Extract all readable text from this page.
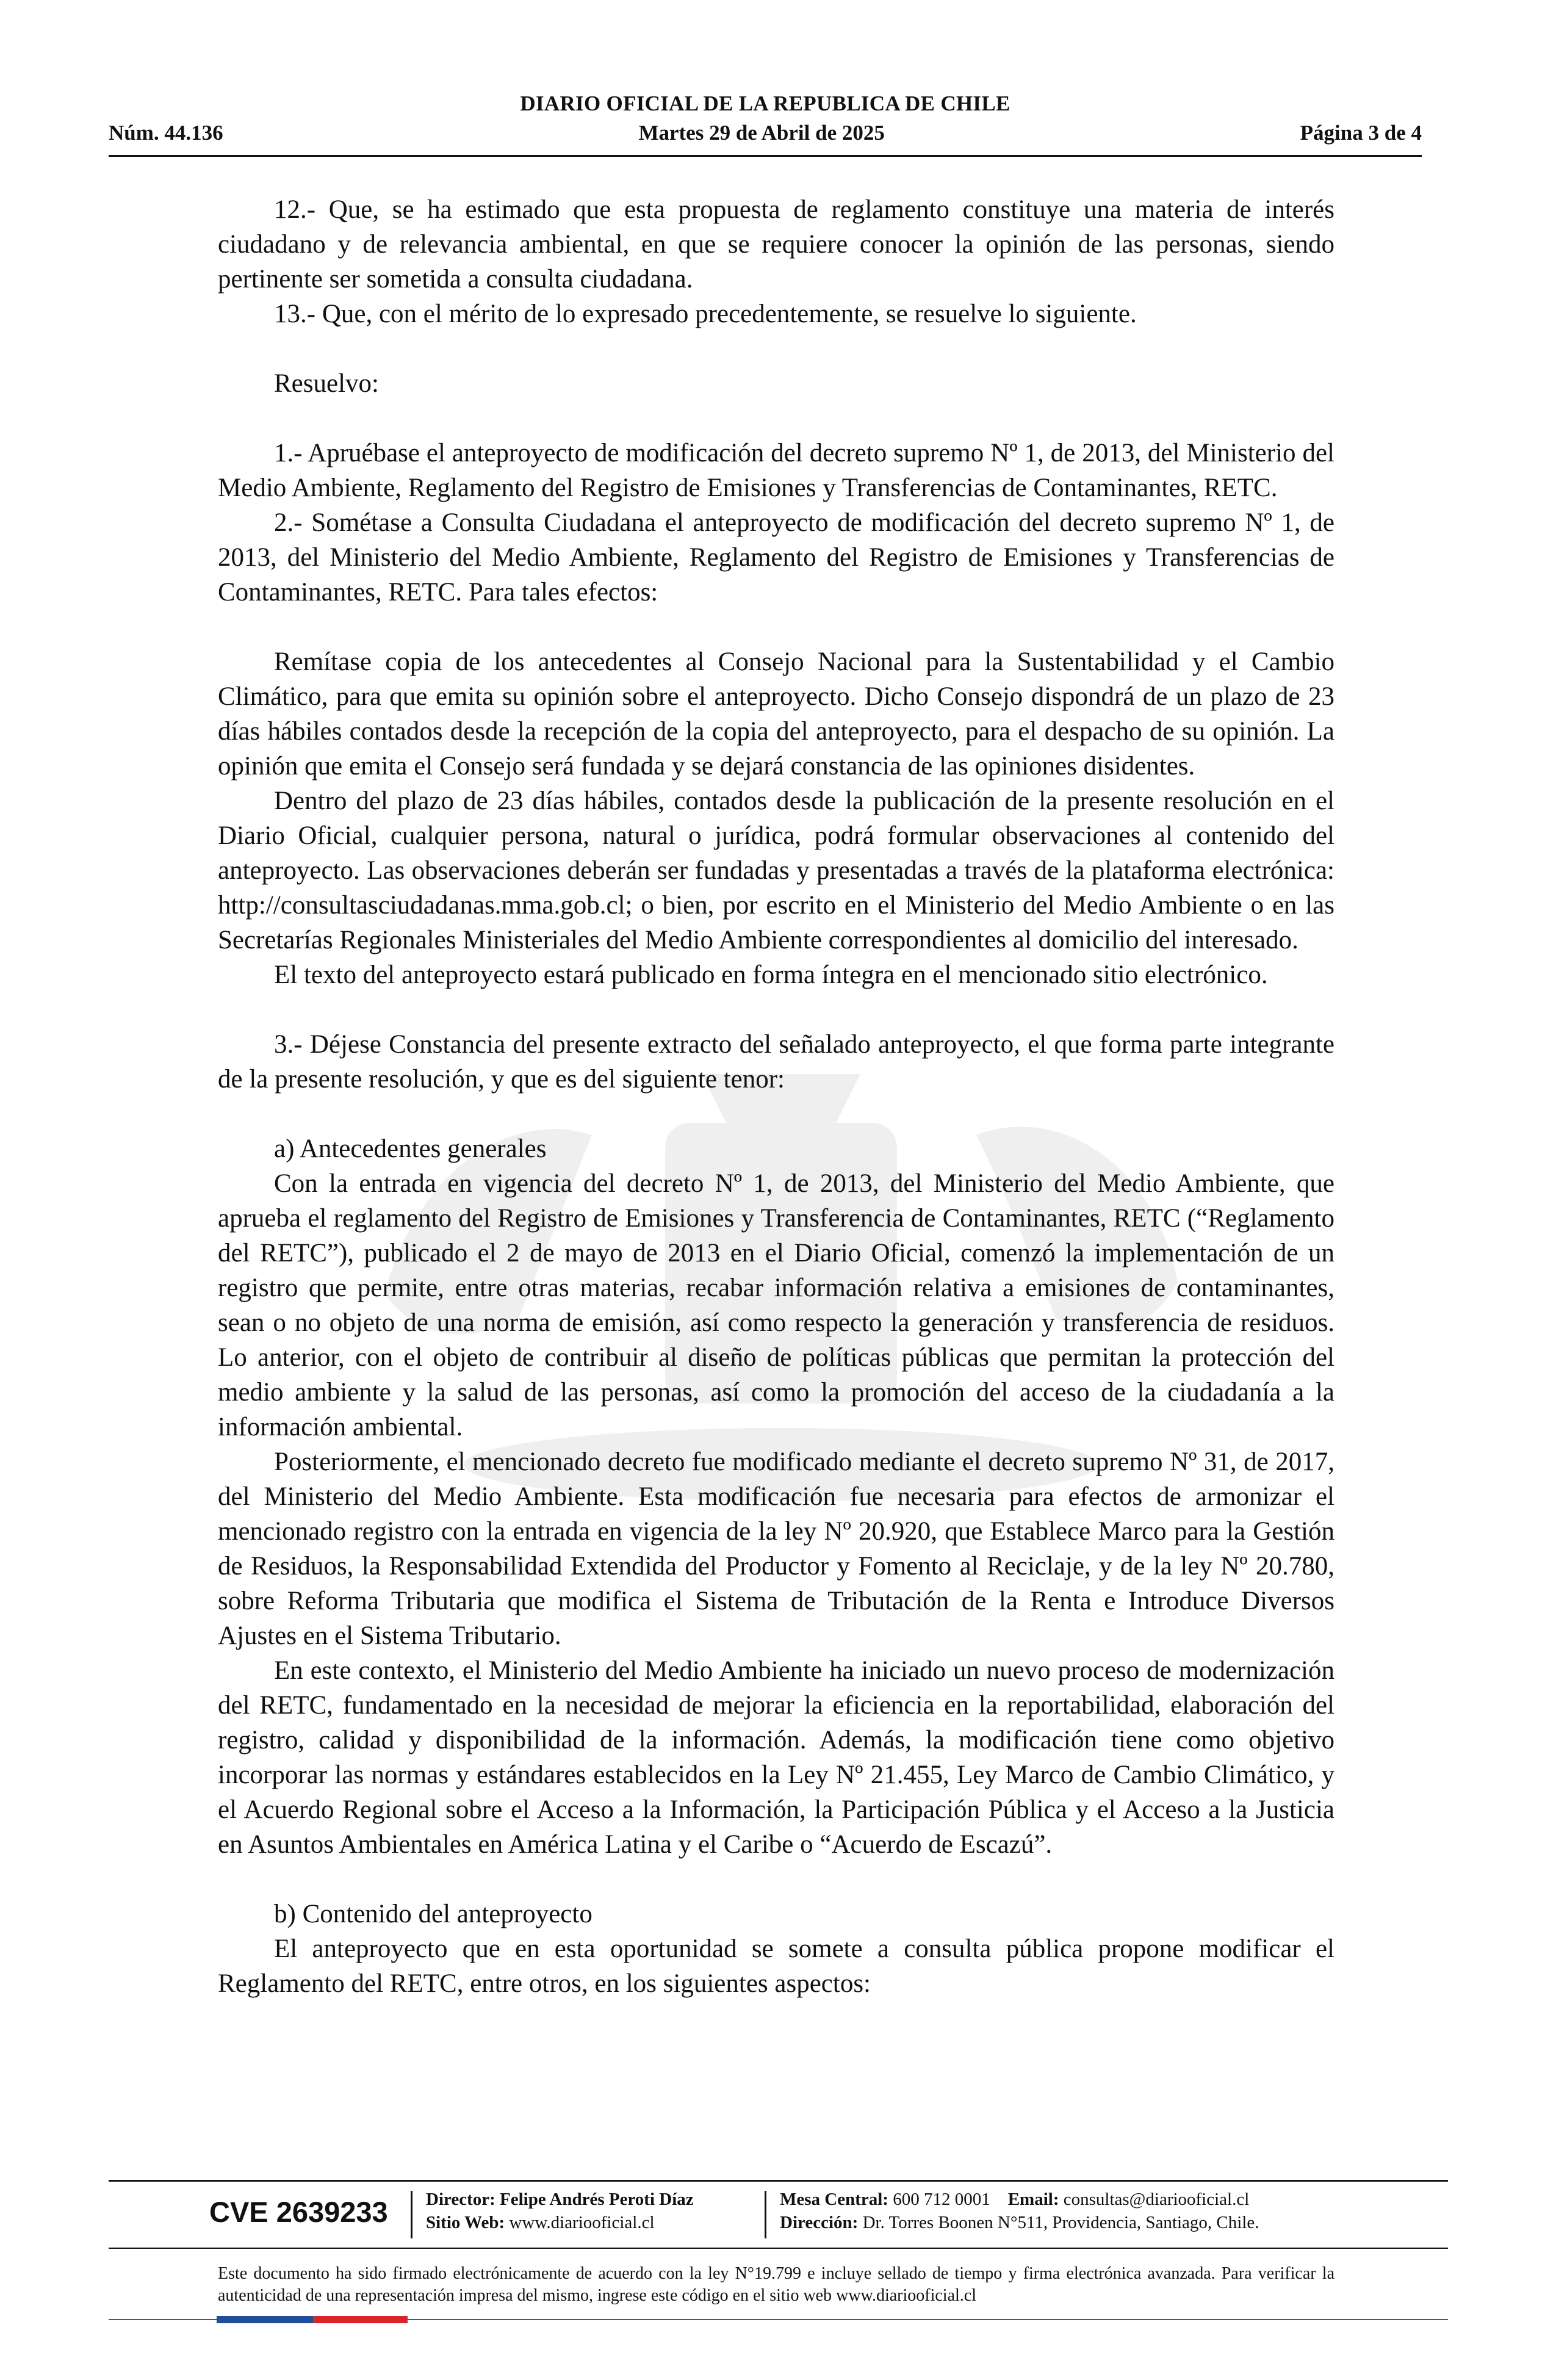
DIARIO OFICIAL DE LA REPUBLICA DE CHILE
Núm. 44.136	Martes 29 de Abril de 2025	Página 3 de 4

12.- Que, se ha estimado que esta propuesta de reglamento constituye una materia de interés ciudadano y de relevancia ambiental, en que se requiere conocer la opinión de las personas, siendo pertinente ser sometida a consulta ciudadana.

13.- Que, con el mérito de lo expresado precedentemente, se resuelve lo siguiente.

Resuelvo:

1.- Apruébase el anteproyecto de modificación del decreto supremo Nº 1, de 2013, del Ministerio del Medio Ambiente, Reglamento del Registro de Emisiones y Transferencias de Contaminantes, RETC.

2.- Sométase a Consulta Ciudadana el anteproyecto de modificación del decreto supremo Nº 1, de 2013, del Ministerio del Medio Ambiente, Reglamento del Registro de Emisiones y Transferencias de Contaminantes, RETC. Para tales efectos:

Remítase copia de los antecedentes al Consejo Nacional para la Sustentabilidad y el Cambio Climático, para que emita su opinión sobre el anteproyecto. Dicho Consejo dispondrá de un plazo de 23 días hábiles contados desde la recepción de la copia del anteproyecto, para el despacho de su opinión. La opinión que emita el Consejo será fundada y se dejará constancia de las opiniones disidentes.

Dentro del plazo de 23 días hábiles, contados desde la publicación de la presente resolución en el Diario Oficial, cualquier persona, natural o jurídica, podrá formular observaciones al contenido del anteproyecto. Las observaciones deberán ser fundadas y presentadas a través de la plataforma electrónica: http://consultasciudadanas.mma.gob.cl; o bien, por escrito en el Ministerio del Medio Ambiente o en las Secretarías Regionales Ministeriales del Medio Ambiente correspondientes al domicilio del interesado.

El texto del anteproyecto estará publicado en forma íntegra en el mencionado sitio electrónico.

3.- Déjese Constancia del presente extracto del señalado anteproyecto, el que forma parte integrante de la presente resolución, y que es del siguiente tenor:

a) Antecedentes generales

Con la entrada en vigencia del decreto Nº 1, de 2013, del Ministerio del Medio Ambiente, que aprueba el reglamento del Registro de Emisiones y Transferencia de Contaminantes, RETC (“Reglamento del RETC”), publicado el 2 de mayo de 2013 en el Diario Oficial, comenzó la implementación de un registro que permite, entre otras materias, recabar información relativa a emisiones de contaminantes, sean o no objeto de una norma de emisión, así como respecto la generación y transferencia de residuos. Lo anterior, con el objeto de contribuir al diseño de políticas públicas que permitan la protección del medio ambiente y la salud de las personas, así como la promoción del acceso de la ciudadanía a la información ambiental.

Posteriormente, el mencionado decreto fue modificado mediante el decreto supremo Nº 31, de 2017, del Ministerio del Medio Ambiente. Esta modificación fue necesaria para efectos de armonizar el mencionado registro con la entrada en vigencia de la ley Nº 20.920, que Establece Marco para la Gestión de Residuos, la Responsabilidad Extendida del Productor y Fomento al Reciclaje, y de la ley Nº 20.780, sobre Reforma Tributaria que modifica el Sistema de Tributación de la Renta e Introduce Diversos Ajustes en el Sistema Tributario.

En este contexto, el Ministerio del Medio Ambiente ha iniciado un nuevo proceso de modernización del RETC, fundamentado en la necesidad de mejorar la eficiencia en la reportabilidad, elaboración del registro, calidad y disponibilidad de la información. Además, la modificación tiene como objetivo incorporar las normas y estándares establecidos en la Ley Nº 21.455, Ley Marco de Cambio Climático, y el Acuerdo Regional sobre el Acceso a la Información, la Participación Pública y el Acceso a la Justicia en Asuntos Ambientales en América Latina y el Caribe o “Acuerdo de Escazú”.

b) Contenido del anteproyecto

El anteproyecto que en esta oportunidad se somete a consulta pública propone modificar el Reglamento del RETC, entre otros, en los siguientes aspectos:

CVE 2639233 Director: Felipe Andrés Peroti Díaz
Sitio Web: www.diariooficial.cl
Mesa Central: 600 712 0001 Email: consultas@diariooficial.cl
Dirección: Dr. Torres Boonen N°511, Providencia, Santiago, Chile.
Este documento ha sido firmado electrónicamente de acuerdo con la ley N°19.799 e incluye sellado de tiempo y firma electrónica avanzada. Para verificar la autenticidad de una representación impresa del mismo, ingrese este código en el sitio web www.diariooficial.cl
